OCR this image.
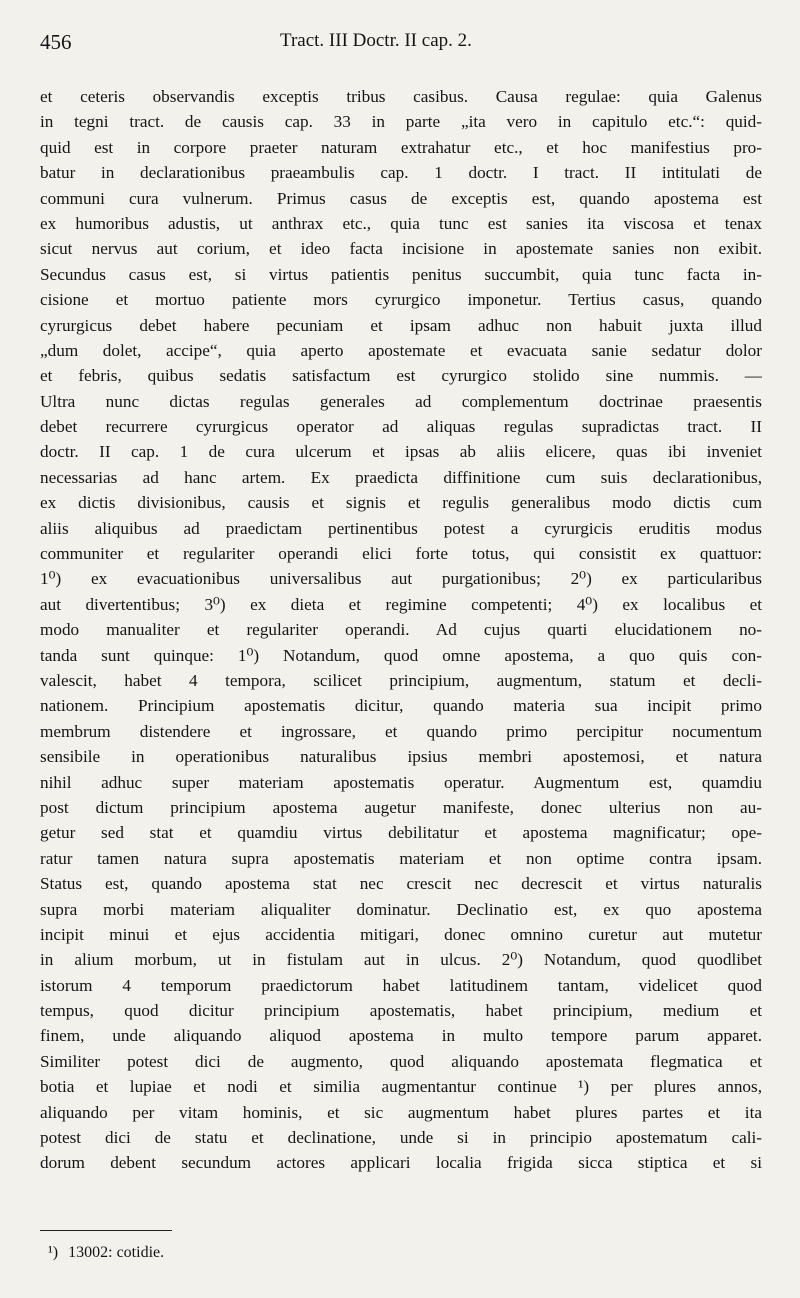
456	Tract. III Doctr. II cap. 2.
et ceteris observandis exceptis tribus casibus. Causa regulae: quia Galenus
in tegni tract. de causis cap. 33 in parte „ita vero in capitulo etc.“: quid-
quid est in corpore praeter naturam extrahatur etc., et hoc manifestius pro-
batur in declarationibus praeambulis cap. 1 doctr. I tract. II intitulati de
communi cura vulnerum. Primus casus de exceptis est, quando apostema est
ex humoribus adustis, ut anthrax etc., quia tunc est sanies ita viscosa et tenax
sicut nervus aut corium, et ideo facta incisione in apostemate sanies non exibit.
Secundus casus est, si virtus patientis penitus succumbit, quia tunc facta in-
cisione et mortuo patiente mors cyrurgico imponetur. Tertius casus, quando
cyrurgicus debet habere pecuniam et ipsam adhuc non habuit juxta illud
„dum dolet, accipe“, quia aperto apostemate et evacuata sanie sedatur dolor
et febris, quibus sedatis satisfactum est cyrurgico stolido sine nummis. —
Ultra nunc dictas regulas generales ad complementum doctrinae praesentis
debet recurrere cyrurgicus operator ad aliquas regulas supradictas tract. II
doctr. II cap. 1 de cura ulcerum et ipsas ab aliis elicere, quas ibi inveniet
necessarias ad hanc artem. Ex praedicta diffinitione cum suis declarationibus,
ex dictis divisionibus, causis et signis et regulis generalibus modo dictis cum
aliis aliquibus ad praedictam pertinentibus potest a cyrurgicis eruditis modus
communiter et regulariter operandi elici forte totus, qui consistit ex quattuor:
1⁰) ex evacuationibus universalibus aut purgationibus; 2⁰) ex particularibus
aut divertentibus; 3⁰) ex dieta et regimine competenti; 4⁰) ex localibus et
modo manualiter et regulariter operandi. Ad cujus quarti elucidationem no-
tanda sunt quinque: 1⁰) Notandum, quod omne apostema, a quo quis con-
valescit, habet 4 tempora, scilicet principium, augmentum, statum et decli-
nationem. Principium apostematis dicitur, quando materia sua incipit primo
membrum distendere et ingrossare, et quando primo percipitur nocumentum
sensibile in operationibus naturalibus ipsius membri apostemosi, et natura
nihil adhuc super materiam apostematis operatur. Augmentum est, quamdiu
post dictum principium apostema augetur manifeste, donec ulterius non au-
getur sed stat et quamdiu virtus debilitatur et apostema magnificatur; ope-
ratur tamen natura supra apostematis materiam et non optime contra ipsam.
Status est, quando apostema stat nec crescit nec decrescit et virtus naturalis
supra morbi materiam aliqualiter dominatur. Declinatio est, ex quo apostema
incipit minui et ejus accidentia mitigari, donec omnino curetur aut mutetur
in alium morbum, ut in fistulam aut in ulcus. 2⁰) Notandum, quod quodlibet
istorum 4 temporum praedictorum habet latitudinem tantam, videlicet quod
tempus, quod dicitur principium apostematis, habet principium, medium et
finem, unde aliquando aliquod apostema in multo tempore parum apparet.
Similiter potest dici de augmento, quod aliquando apostemata flegmatica et
botia et lupiae et nodi et similia augmentantur continue ¹) per plures annos,
aliquando per vitam hominis, et sic augmentum habet plures partes et ita
potest dici de statu et declinatione, unde si in principio apostematum cali-
dorum debent secundum actores applicari localia frigida sicca stiptica et si
¹) 13002: cotidie.
